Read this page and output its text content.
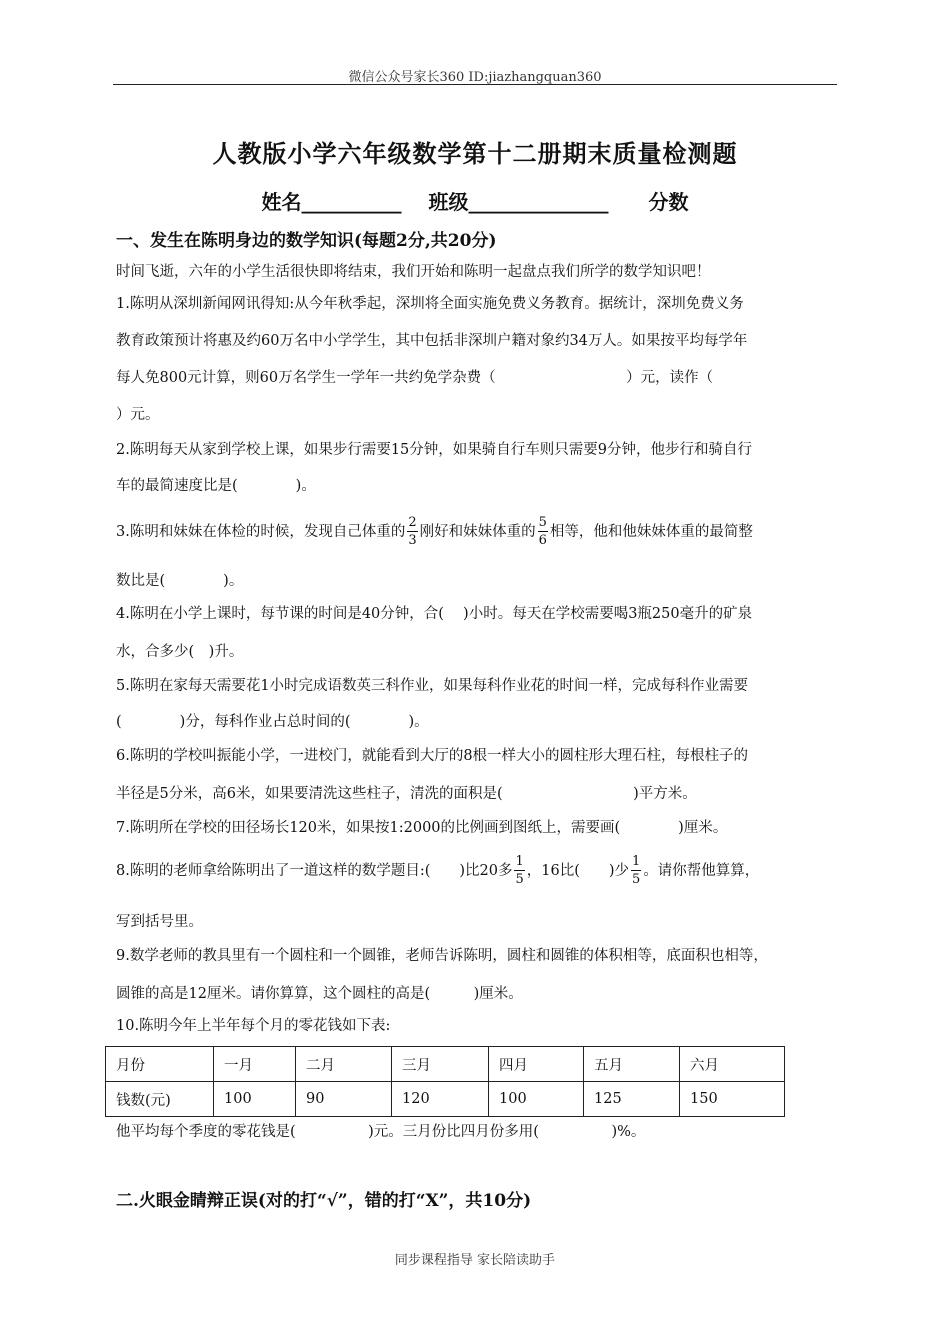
微信公众号家长360 ID:jiazhangquan360
人教版小学六年级数学第十二册期末质量检测题
姓名__________　 班级______________　　分数
一、发生在陈明身边的数学知识(每题2分,共20分)
时间飞逝，六年的小学生活很快即将结束，我们开始和陈明一起盘点我们所学的数学知识吧！
1.陈明从深圳新闻网讯得知:从今年秋季起，深圳将全面实施免费义务教育。据统计，深圳免费义务
教育政策预计将惠及约60万名中小学学生，其中包括非深圳户籍对象约34万人。如果按平均每学年
每人免800元计算，则60万名学生一学年一共约免学杂费（　　　　　　　　　）元，读作（
）元。
2.陈明每天从家到学校上课，如果步行需要15分钟，如果骑自行车则只需要9分钟，他步行和骑自行
车的最简速度比是(　　　　)。
3.陈明和妹妹在体检的时候，发现自己体重的 $\frac{2}{3}$ 刚好和妹妹体重的 $\frac{5}{6}$ 相等，他和他妹妹体重的最简整
数比是(　　　　)。
4.陈明在小学上课时，每节课的时间是40分钟，合(　 )小时。每天在学校需要喝3瓶250毫升的矿泉
水，合多少(　)升。
5.陈明在家每天需要花1小时完成语数英三科作业，如果每科作业花的时间一样，完成每科作业需要
(　　　　)分，每科作业占总时间的(　　　　)。
6.陈明的学校叫振能小学，一进校门，就能看到大厅的8根一样大小的圆柱形大理石柱，每根柱子的
半径是5分米，高6米，如果要清洗这些柱子，清洗的面积是(　　　　　　　　　)平方米。
7.陈明所在学校的田径场长120米，如果按1:2000的比例画到图纸上，需要画(　　　　)厘米。
8.陈明的老师拿给陈明出了一道这样的数学题目:(　　)比20多 $\frac{1}{5}$ ，16比(　　)少 $\frac{1}{5}$ 。请你帮他算算，
写到括号里。
9.数学老师的教具里有一个圆柱和一个圆锥，老师告诉陈明，圆柱和圆锥的体积相等，底面积也相等，
圆锥的高是12厘米。请你算算，这个圆柱的高是(　　　)厘米。
10.陈明今年上半年每个月的零花钱如下表:
月份	一月	二月	三月	四月	五月	六月
钱数(元)	100	90	120	100	125	150
他平均每个季度的零花钱是(　　　　　)元。三月份比四月份多用(　　　　　)%。
二.火眼金睛辩正误(对的打“√”，错的打“X”，共10分)
同步课程指导 家长陪读助手
